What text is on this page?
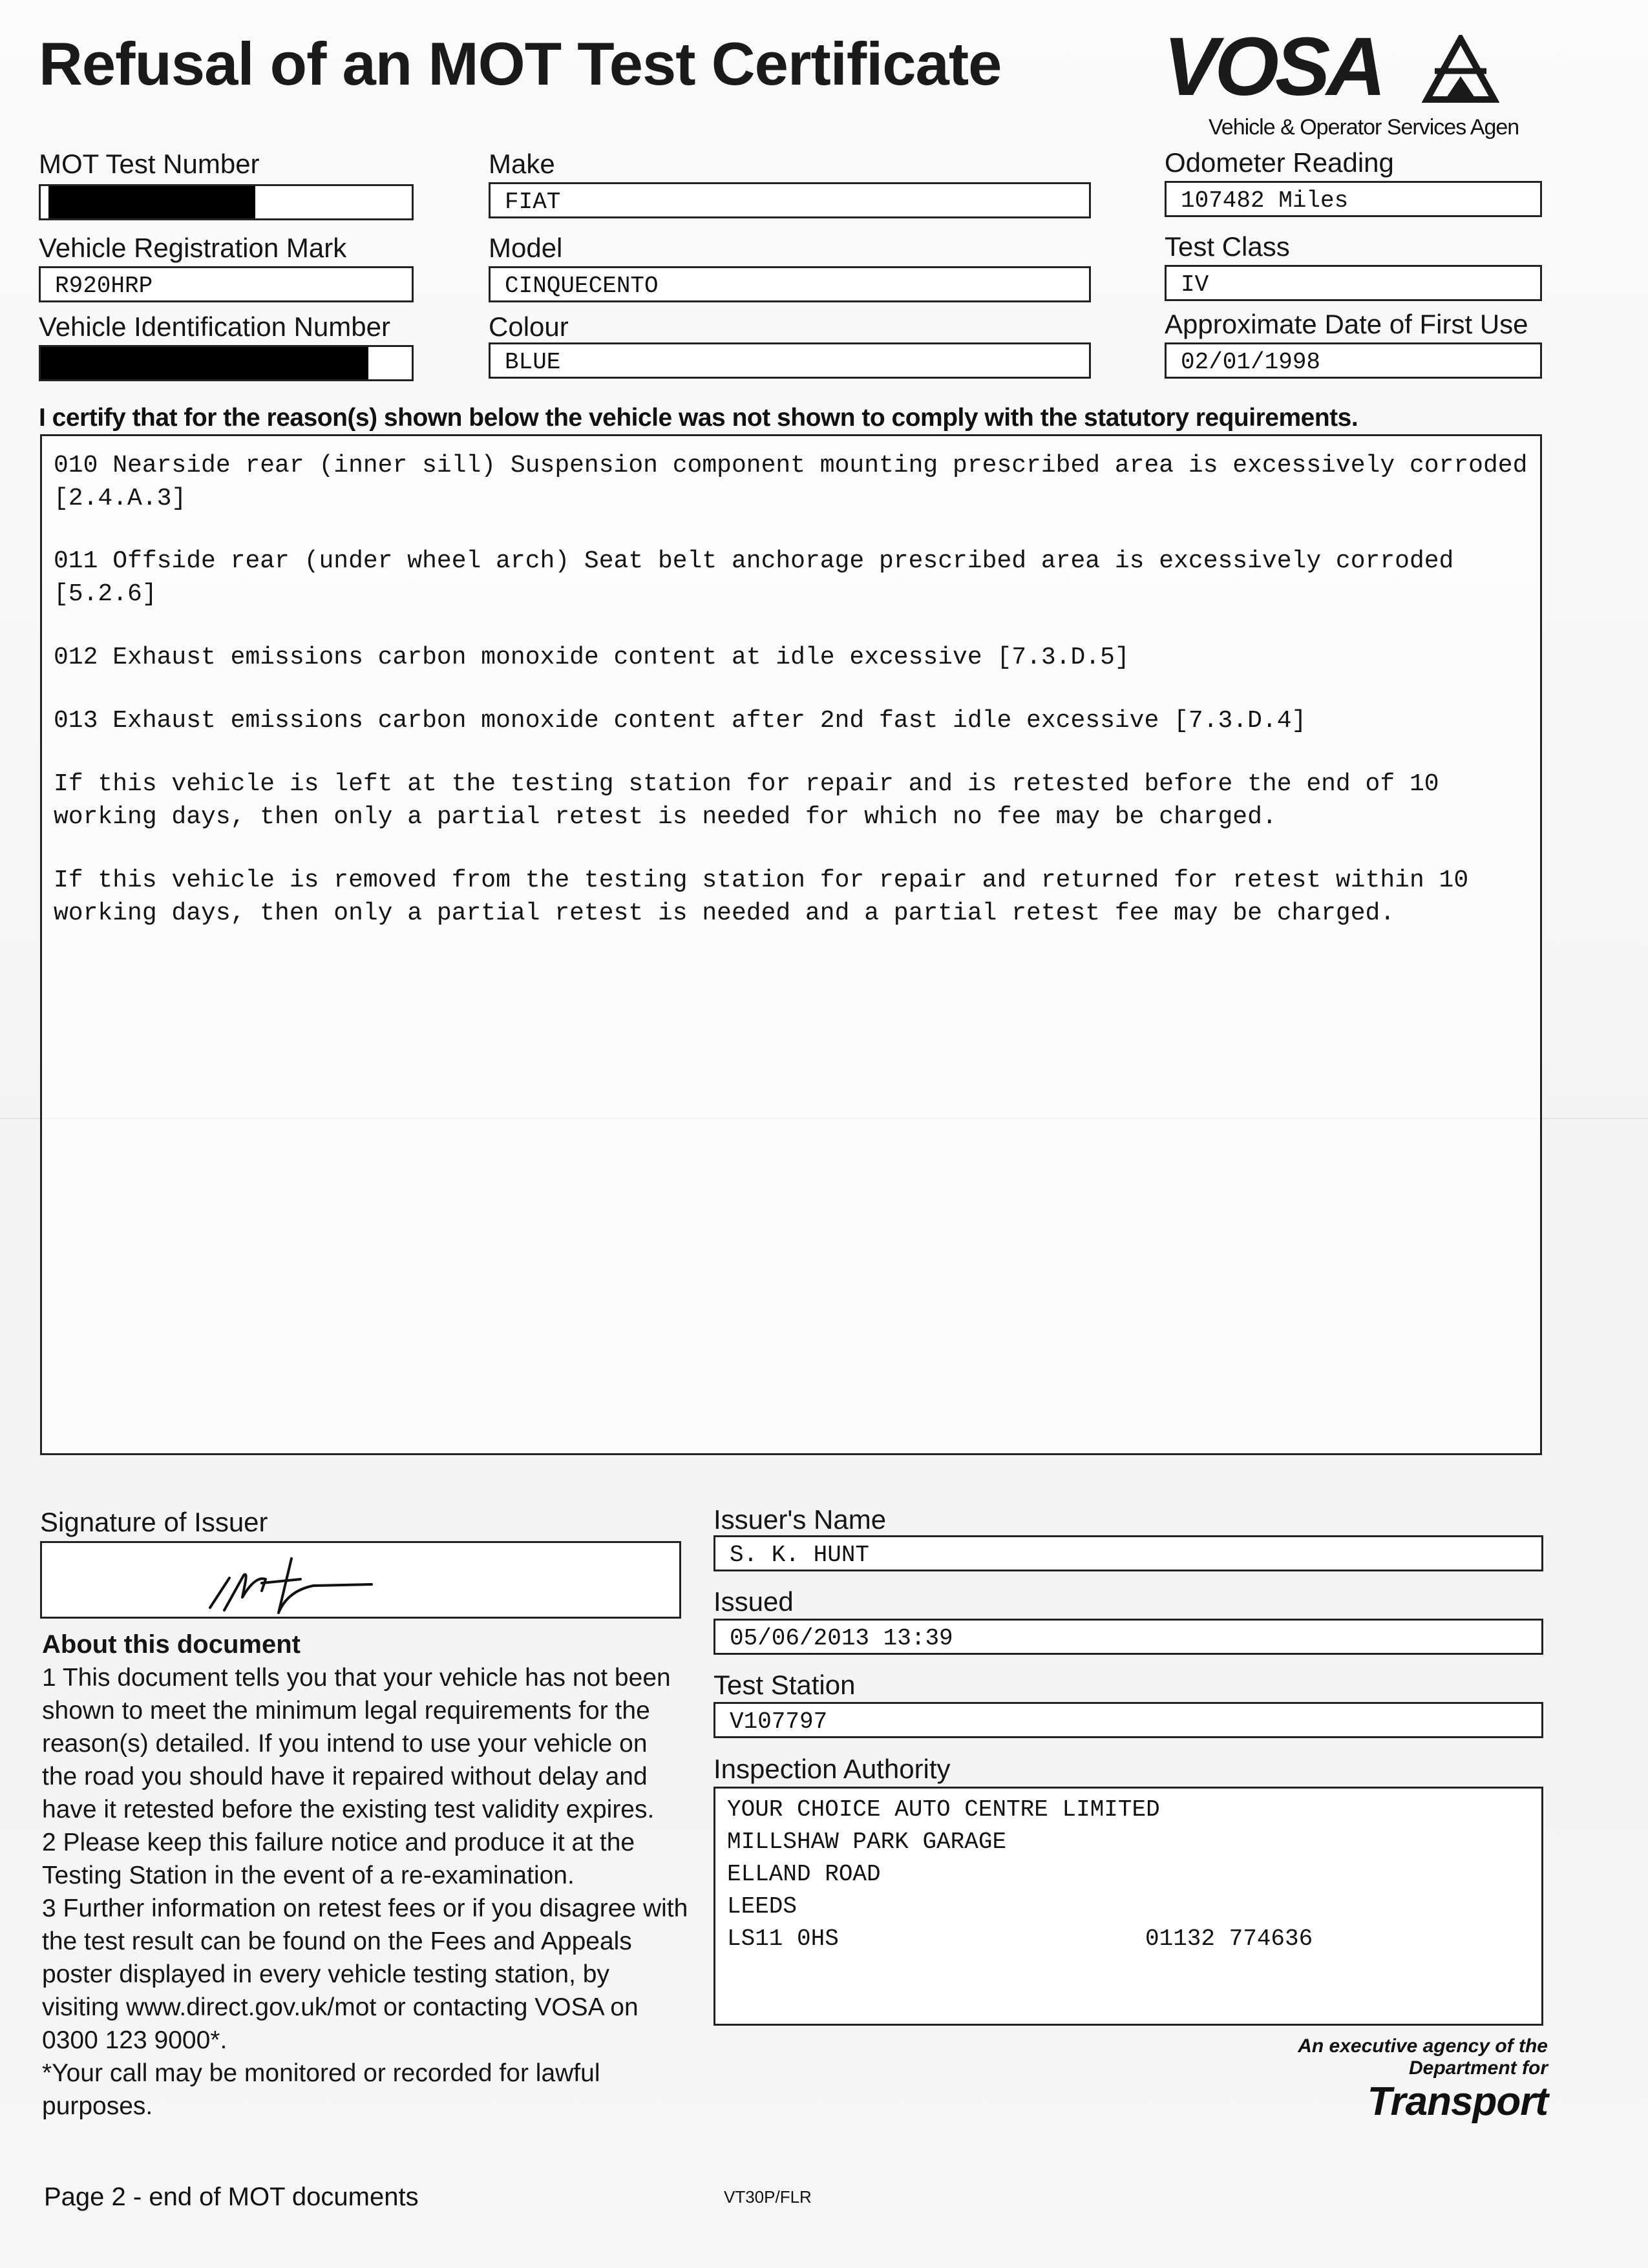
Refusal of an MOT Test Certificate VOSA
Vehicle & Operator Services Agen
MOT Test Number	Make
FIAT
Odometer Reading
107482 Miles
Vehicle Registration Mark
R920HRP
Model
CINQUECENTO
Test Class
IV
Vehicle Identification Number	Colour
BLUE
Approximate Date of First Use
02/01/1998
I certify that for the reason(s) shown below the vehicle was not shown to comply with the statutory requirements.

010 Nearside rear (inner sill) Suspension component mounting prescribed area is excessively corroded [2.4.A.3]

011 Offside rear (under wheel arch) Seat belt anchorage prescribed area is excessively corroded [5.2.6]

012 Exhaust emissions carbon monoxide content at idle excessive [7.3.D.5]

013 Exhaust emissions carbon monoxide content after 2nd fast idle excessive [7.3.D.4]

If this vehicle is left at the testing station for repair and is retested before the end of 10 working days, then only a partial retest is needed for which no fee may be charged.

If this vehicle is removed from the testing station for repair and returned for retest within 10 working days, then only a partial retest is needed and a partial retest fee may be charged.

Signature of Issuer
About this document

1 This document tells you that your vehicle has not been shown to meet the minimum legal requirements for the reason(s) detailed. If you intend to use your vehicle on the road you should have it repaired without delay and have it retested before the existing test validity expires.

2 Please keep this failure notice and produce it at the Testing Station in the event of a re-examination.

3 Further information on retest fees or if you disagree with the test result can be found on the Fees and Appeals poster displayed in every vehicle testing station, by visiting www.direct.gov.uk/mot or contacting VOSA on 0300 123 9000*.

*Your call may be monitored or recorded for lawful purposes.

Issuer's Name
S. K. HUNT
Issued
05/06/2013 13:39
Test Station
V107797
Inspection Authority
YOUR CHOICE AUTO CENTRE LIMITED
MILLSHAW PARK GARAGE
ELLAND ROAD
LEEDS
LS11 0HS	01132 774636
An executive agency of the
Department for
Transport
Page 2 - end of MOT documents	VT30P/FLR
